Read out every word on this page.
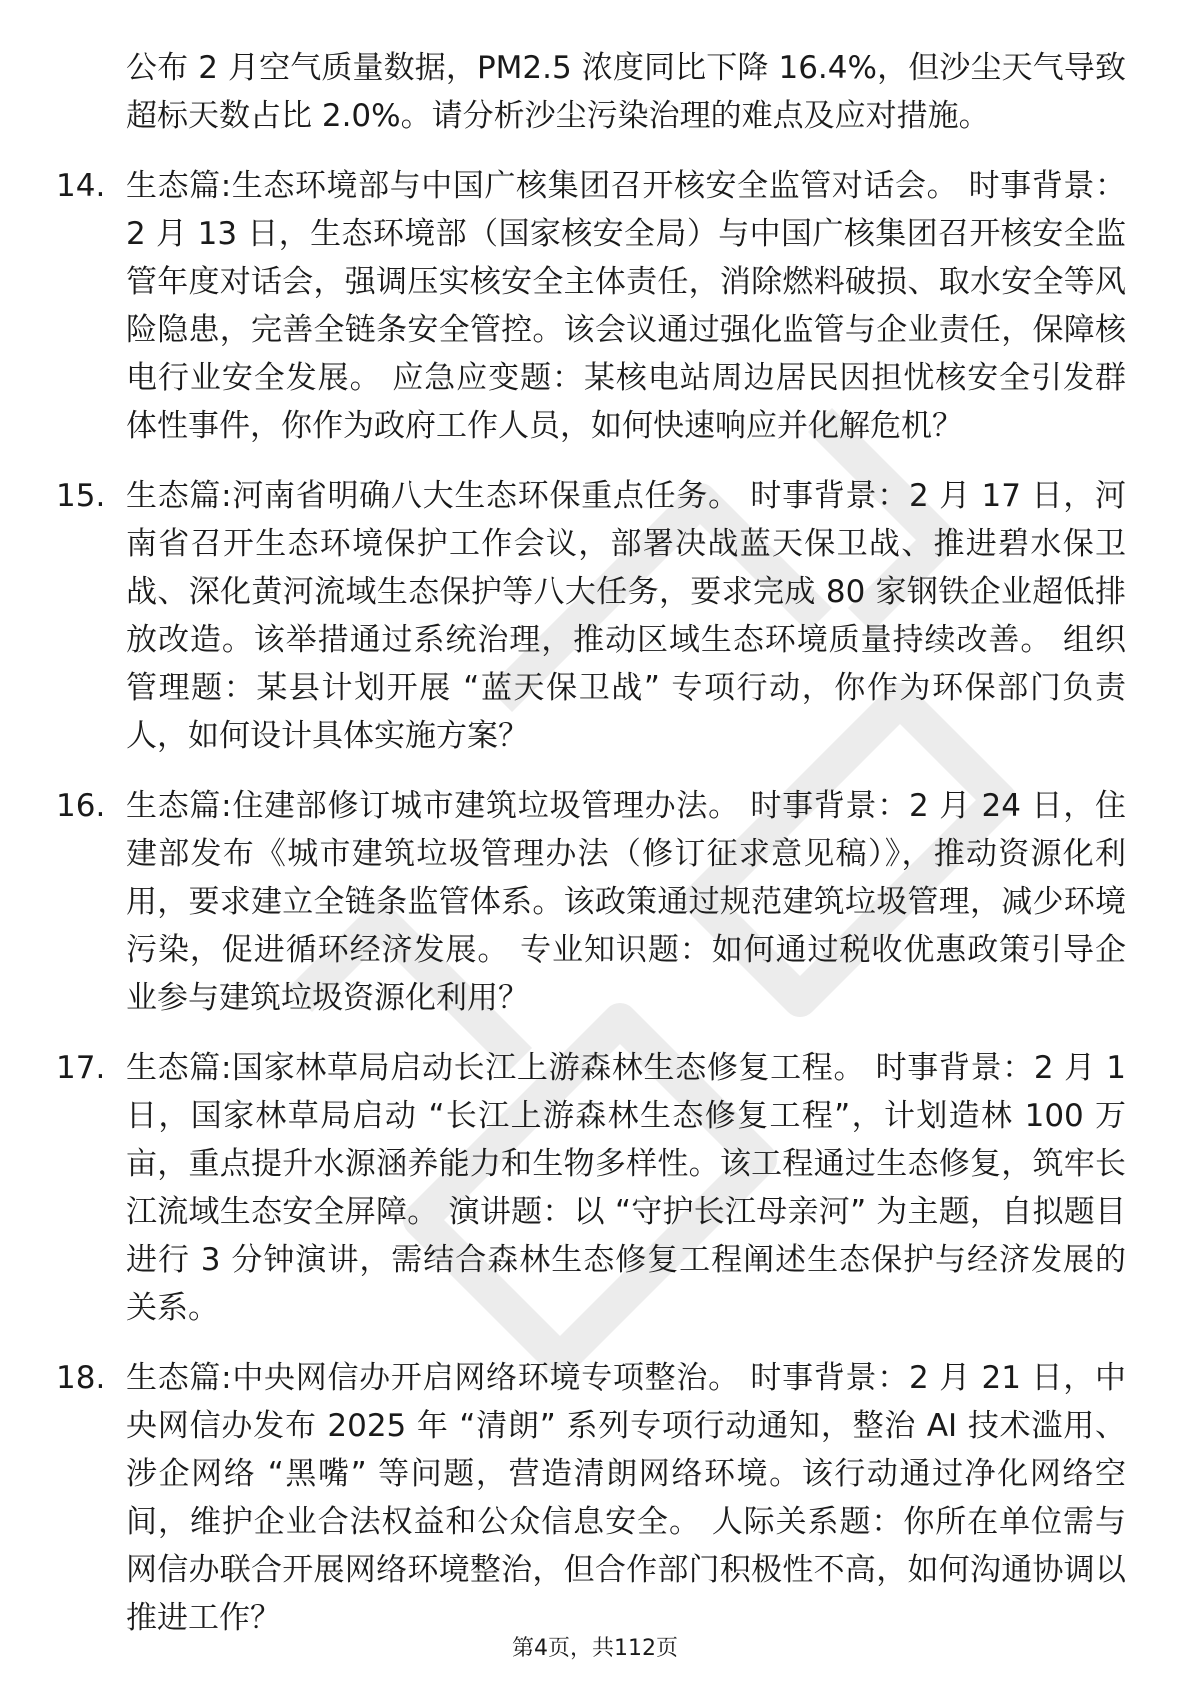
公布 2 月空气质量数据，PM2.5 浓度同比下降 16.4%，但沙尘天气导致超标天数占比 2.0%。请分析沙尘污染治理的难点及应对措施。

14. 生态篇:生态环境部与中国广核集团召开核安全监管对话会。 时事背景：2 月 13 日，生态环境部（国家核安全局）与中国广核集团召开核安全监管年度对话会，强调压实核安全主体责任，消除燃料破损、取水安全等风险隐患，完善全链条安全管控。该会议通过强化监管与企业责任，保障核电行业安全发展。 应急应变题：某核电站周边居民因担忧核安全引发群体性事件，你作为政府工作人员，如何快速响应并化解危机？

15. 生态篇:河南省明确八大生态环保重点任务。 时事背景：2 月 17 日，河南省召开生态环境保护工作会议，部署决战蓝天保卫战、推进碧水保卫战、深化黄河流域生态保护等八大任务，要求完成 80 家钢铁企业超低排放改造。该举措通过系统治理，推动区域生态环境质量持续改善。 组织管理题：某县计划开展 “蓝天保卫战” 专项行动，你作为环保部门负责人，如何设计具体实施方案？

16. 生态篇:住建部修订城市建筑垃圾管理办法。 时事背景：2 月 24 日，住建部发布《城市建筑垃圾管理办法（修订征求意见稿）》，推动资源化利用，要求建立全链条监管体系。该政策通过规范建筑垃圾管理，减少环境污染，促进循环经济发展。 专业知识题：如何通过税收优惠政策引导企业参与建筑垃圾资源化利用？

17. 生态篇:国家林草局启动长江上游森林生态修复工程。 时事背景：2 月 1 日，国家林草局启动 “长江上游森林生态修复工程”，计划造林 100 万亩，重点提升水源涵养能力和生物多样性。该工程通过生态修复，筑牢长江流域生态安全屏障。 演讲题：以 “守护长江母亲河” 为主题，自拟题目进行 3 分钟演讲，需结合森林生态修复工程阐述生态保护与经济发展的关系。

18. 生态篇:中央网信办开启网络环境专项整治。 时事背景：2 月 21 日，中央网信办发布 2025 年 “清朗” 系列专项行动通知，整治 AI 技术滥用、涉企网络 “黑嘴” 等问题，营造清朗网络环境。该行动通过净化网络空间，维护企业合法权益和公众信息安全。 人际关系题：你所在单位需与网信办联合开展网络环境整治，但合作部门积极性不高，如何沟通协调以推进工作？

第4页，共112页
